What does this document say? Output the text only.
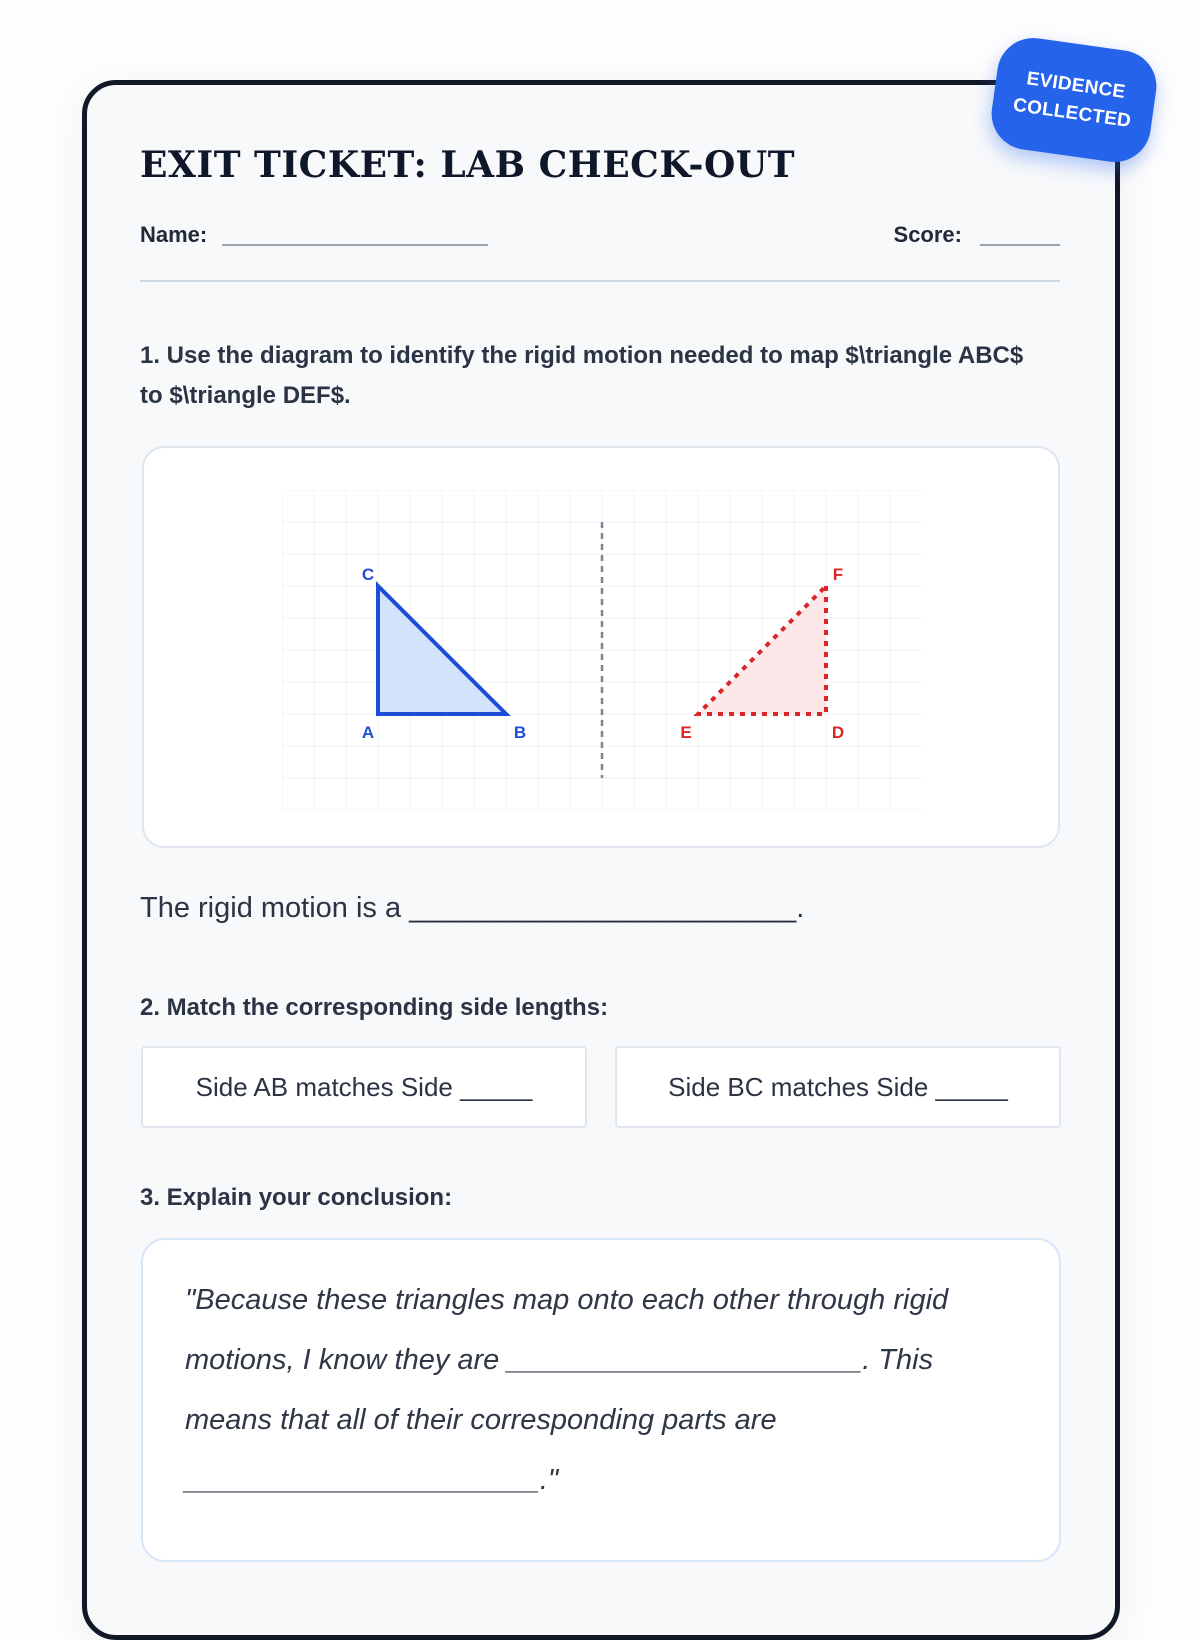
EVIDENCE COLLECTED
EXIT TICKET: LAB CHECK-OUT
Name:	Score:

1. Use the diagram to identify the rigid motion needed to map $\triangle ABC$ to $\triangle DEF$.

C
A	B
F
D
E
The rigid motion is a ________________________.
2. Match the corresponding side lengths:
Side AB matches Side _____	Side BC matches Side _____
3. Explain your conclusion:

"Because these triangles map onto each other through rigid motions, I know they are ______________________. This means that all of their corresponding parts are ______________________."
